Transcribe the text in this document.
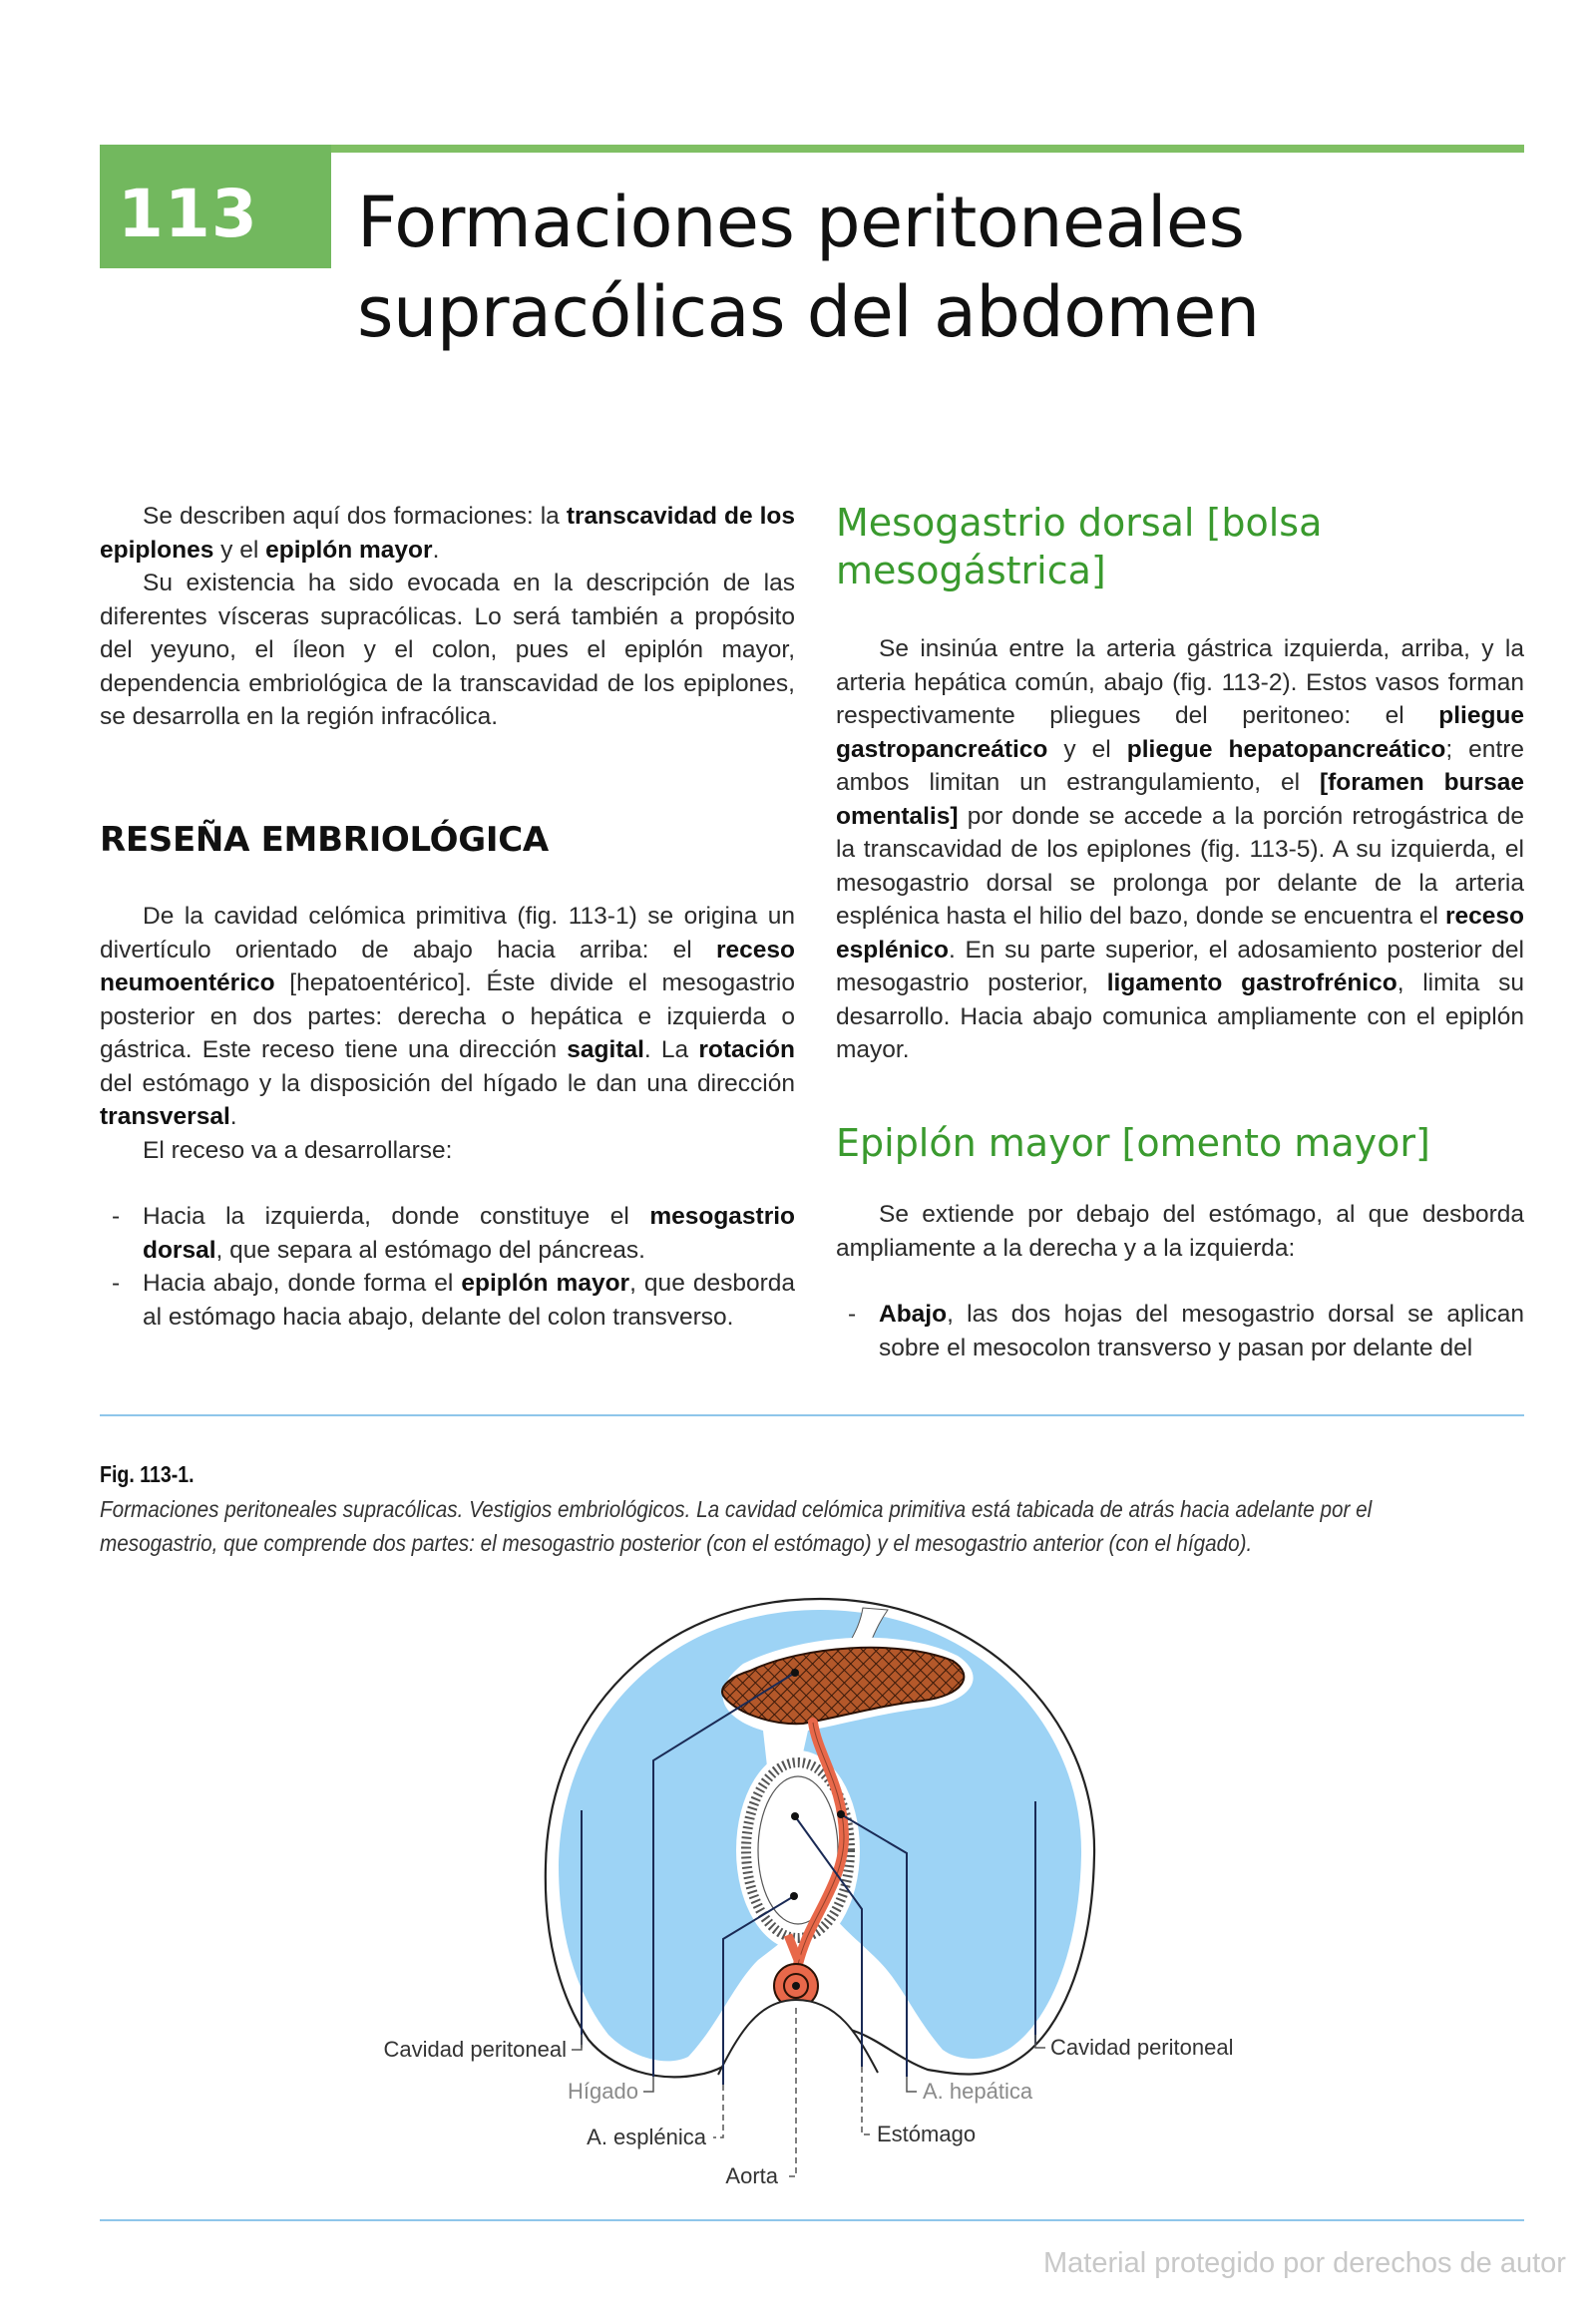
113 Formaciones peritoneales
supracólicas del abdomen

Se describen aquí dos formaciones: la transcavidad de los epiplones y el epiplón mayor.

Su existencia ha sido evocada en la descripción de las diferentes vísceras supracólicas. Lo será también a propósito del yeyuno, el íleon y el colon, pues el epiplón mayor, dependencia embriológica de la transcavidad de los epiplones, se desarrolla en la región infracólica.

RESEÑA EMBRIOLÓGICA

De la cavidad celómica primitiva (fig. 113-1) se origina un divertículo orientado de abajo hacia arriba: el receso neumoentérico [hepatoentérico]. Éste divide el mesogastrio posterior en dos partes: derecha o hepática e izquierda o gástrica. Este receso tiene una dirección sagital. La rotación del estómago y la disposición del hígado le dan una dirección transversal.

El receso va a desarrollarse:

- Hacia la izquierda, donde constituye el mesogastrio dorsal, que separa al estómago del páncreas.
- Hacia abajo, donde forma el epiplón mayor, que desborda al estómago hacia abajo, delante del colon transverso.
Mesogastrio dorsal [bolsa mesogástrica]

Se insinúa entre la arteria gástrica izquierda, arriba, y la arteria hepática común, abajo (fig. 113-2). Estos vasos forman respectivamente pliegues del peritoneo: el pliegue gastropancreático y el pliegue hepatopancreático; entre ambos limitan un estrangulamiento, el [foramen bursae omentalis] por donde se accede a la porción retrogástrica de la transcavidad de los epiplones (fig. 113-5). A su izquierda, el mesogastrio dorsal se prolonga por delante de la arteria esplénica hasta el hilio del bazo, donde se encuentra el receso esplénico. En su parte superior, el adosamiento posterior del mesogastrio posterior, ligamento gastrofrénico, limita su desarrollo. Hacia abajo comunica ampliamente con el epiplón mayor.

Epiplón mayor [omento mayor]

Se extiende por debajo del estómago, al que desborda ampliamente a la derecha y a la izquierda:

- Abajo, las dos hojas del mesogastrio dorsal se aplican sobre el mesocolon transverso y pasan por delante del
Fig. 113-1.
Formaciones peritoneales supracólicas. Vestigios embriológicos. La cavidad celómica primitiva está tabicada de atrás hacia adelante por el mesogastrio, que comprende dos partes: el mesogastrio posterior (con el estómago) y el mesogastrio anterior (con el hígado).
Cavidad peritoneal
Hígado
A. esplénica
Aorta
Estómago
A. hepática
Cavidad peritoneal
Material protegido por derechos de autor
